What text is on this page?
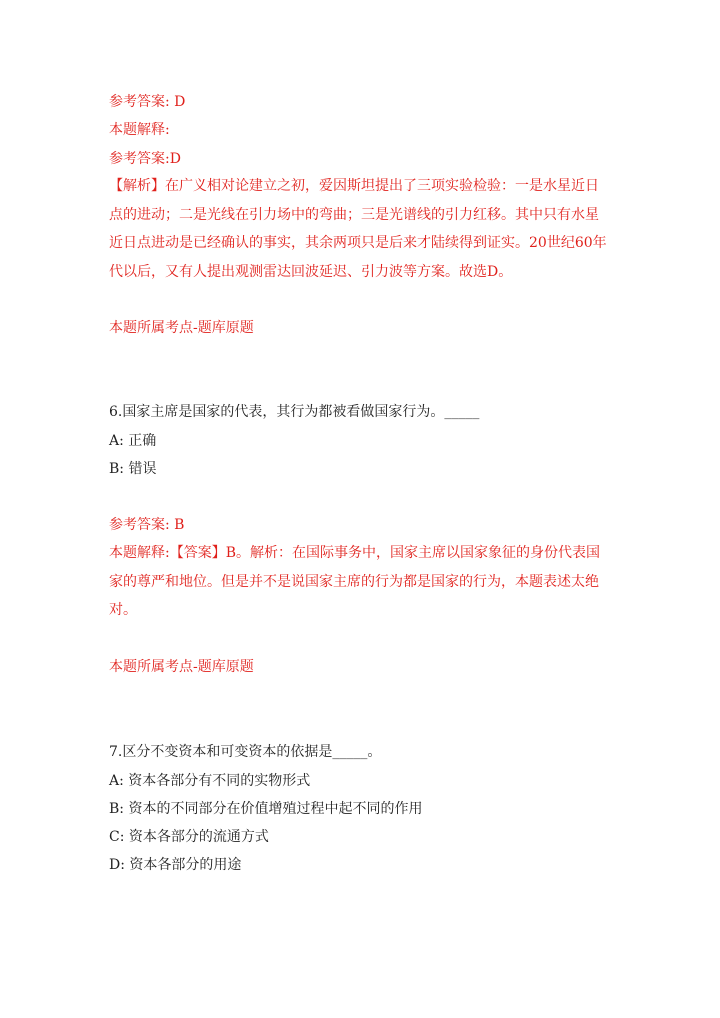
参考答案: D
本题解释:
参考答案:D
【解析】在广义相对论建立之初，爱因斯坦提出了三项实验检验：一是水星近日点的进动；二是光线在引力场中的弯曲；三是光谱线的引力红移。其中只有水星近日点进动是已经确认的事实，其余两项只是后来才陆续得到证实。20世纪60年代以后，又有人提出观测雷达回波延迟、引力波等方案。故选D。
本题所属考点-题库原题
6.国家主席是国家的代表，其行为都被看做国家行为。_____
A: 正确
B: 错误
参考答案: B
本题解释:【答案】B。解析：在国际事务中，国家主席以国家象征的身份代表国家的尊严和地位。但是并不是说国家主席的行为都是国家的行为，本题表述太绝对。
本题所属考点-题库原题
7.区分不变资本和可变资本的依据是_____。
A: 资本各部分有不同的实物形式
B: 资本的不同部分在价值增殖过程中起不同的作用
C: 资本各部分的流通方式
D: 资本各部分的用途
